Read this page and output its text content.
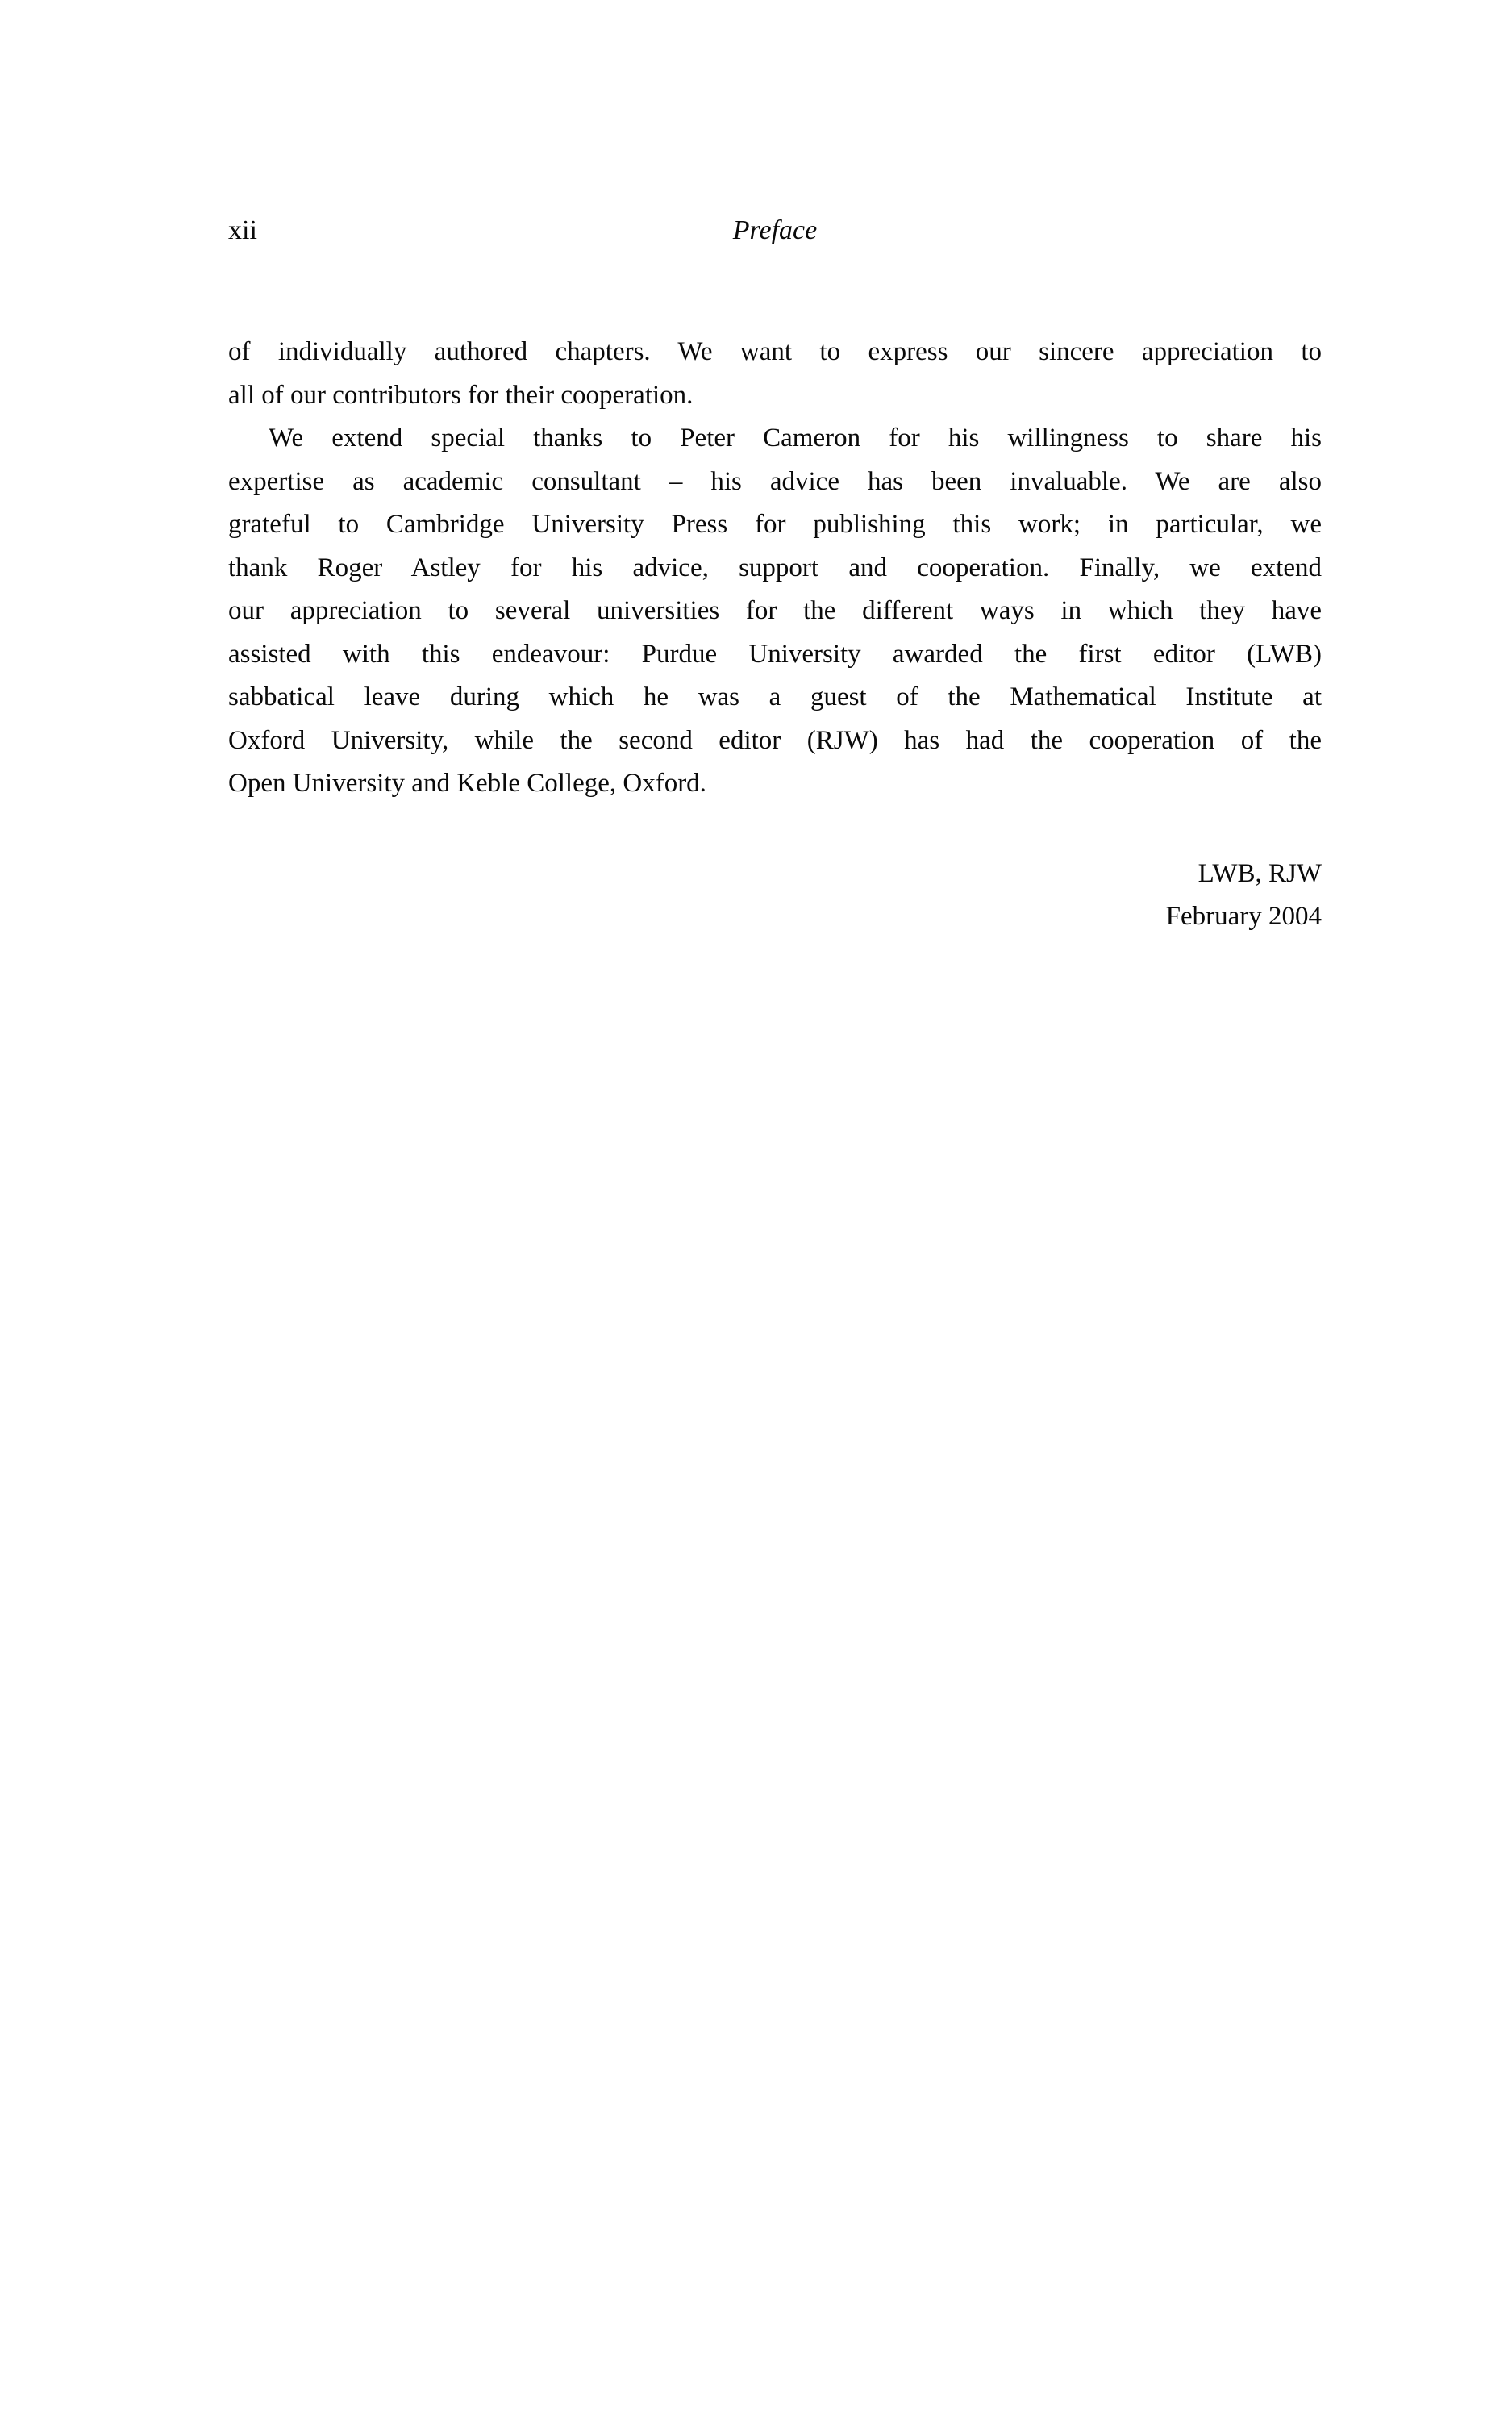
xii	Preface
of individually authored chapters. We want to express our sincere appreciation to
all of our contributors for their cooperation.
We extend special thanks to Peter Cameron for his willingness to share his
expertise as academic consultant – his advice has been invaluable. We are also
grateful to Cambridge University Press for publishing this work; in particular, we
thank Roger Astley for his advice, support and cooperation. Finally, we extend
our appreciation to several universities for the different ways in which they have
assisted with this endeavour: Purdue University awarded the first editor (LWB)
sabbatical leave during which he was a guest of the Mathematical Institute at
Oxford University, while the second editor (RJW) has had the cooperation of the
Open University and Keble College, Oxford.
LWB, RJW
February 2004
